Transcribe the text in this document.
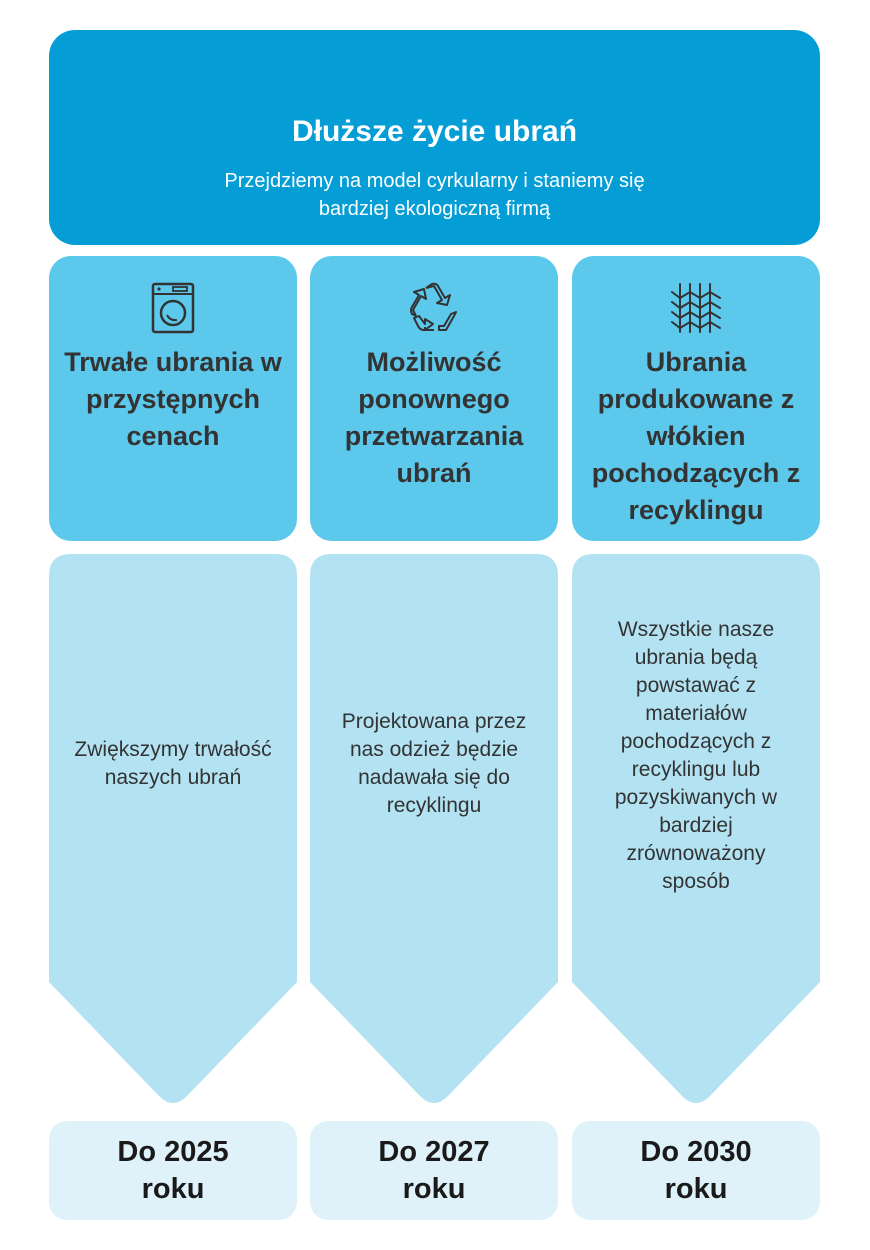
Dłuższe życie ubrań
Przejdziemy na model cyrkularny i staniemy się bardziej ekologiczną firmą
Trwałe ubrania w przystępnych cenach
Zwiększymy trwałość naszych ubrań
Do 2025 roku
Możliwość ponownego przetwarzania ubrań
Projektowana przez nas odzież będzie nadawała się do recyklingu
Do 2027 roku
Ubrania produkowane z włókien pochodzących z recyklingu
Wszystkie nasze ubrania będą powstawać z materiałów pochodzących z recyklingu lub pozyskiwanych w bardziej zrównoważony sposób
Do 2030 roku
